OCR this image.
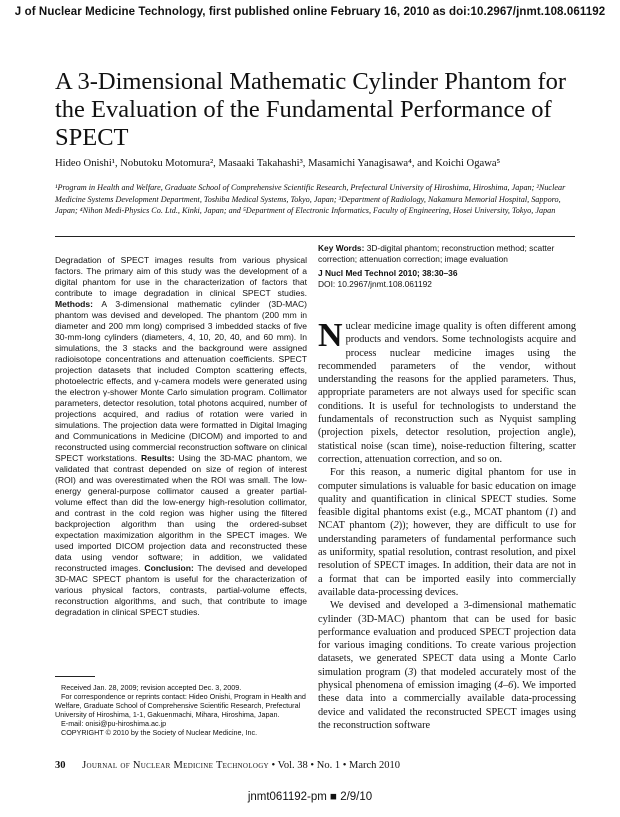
J of Nuclear Medicine Technology, first published online February 16, 2010 as doi:10.2967/jnmt.108.061192
A 3-Dimensional Mathematic Cylinder Phantom for the Evaluation of the Fundamental Performance of SPECT
Hideo Onishi¹, Nobutoku Motomura², Masaaki Takahashi³, Masamichi Yanagisawa⁴, and Koichi Ogawa⁵
¹Program in Health and Welfare, Graduate School of Comprehensive Scientific Research, Prefectural University of Hiroshima, Hiroshima, Japan; ²Nuclear Medicine Systems Development Department, Toshiba Medical Systems, Tokyo, Japan; ³Department of Radiology, Nakamura Memorial Hospital, Sapporo, Japan; ⁴Nihon Medi-Physics Co. Ltd., Kinki, Japan; and ⁵Department of Electronic Informatics, Faculty of Engineering, Hosei University, Tokyo, Japan
Degradation of SPECT images results from various physical factors. The primary aim of this study was the development of a digital phantom for use in the characterization of factors that contribute to image degradation in clinical SPECT studies. Methods: A 3-dimensional mathematic cylinder (3D-MAC) phantom was devised and developed. The phantom (200 mm in diameter and 200 mm long) comprised 3 imbedded stacks of five 30-mm-long cylinders (diameters, 4, 10, 20, 40, and 60 mm). In simulations, the 3 stacks and the background were assigned radioisotope concentrations and attenuation coefficients. SPECT projection datasets that included Compton scattering effects, photoelectric effects, and γ-camera models were generated using the electron γ-shower Monte Carlo simulation program. Collimator parameters, detector resolution, total photons acquired, number of projections acquired, and radius of rotation were varied in simulations. The projection data were formatted in Digital Imaging and Communications in Medicine (DICOM) and imported to and reconstructed using commercial reconstruction software on clinical SPECT workstations. Results: Using the 3D-MAC phantom, we validated that contrast depended on size of region of interest (ROI) and was overestimated when the ROI was small. The low-energy general-purpose collimator caused a greater partial-volume effect than did the low-energy high-resolution collimator, and contrast in the cold region was higher using the filtered backprojection algorithm than using the ordered-subset expectation maximization algorithm in the SPECT images. We used imported DICOM projection data and reconstructed these data using vendor software; in addition, we validated reconstructed images. Conclusion: The devised and developed 3D-MAC SPECT phantom is useful for the characterization of various physical factors, contrasts, partial-volume effects, reconstruction algorithms, and such, that contribute to image degradation in clinical SPECT studies.
Key Words: 3D-digital phantom; reconstruction method; scatter correction; attenuation correction; image evaluation
J Nucl Med Technol 2010; 38:30–36
DOI: 10.2967/jnmt.108.061192

Nuclear medicine image quality is often different among products and vendors. Some technologists acquire and process nuclear medicine images using the recommended parameters of the vendor, without understanding the reasons for the applied parameters. Thus, appropriate parameters are not always used for specific scan conditions. It is useful for technologists to understand the fundamentals of reconstruction such as Nyquist sampling (projection pixels, detector resolution, projection angle), statistical noise (scan time), noise-reduction filtering, scatter correction, attenuation correction, and so on.

For this reason, a numeric digital phantom for use in computer simulations is valuable for basic education on image quality and quantification in clinical SPECT studies. Some feasible digital phantoms exist (e.g., MCAT phantom (1) and NCAT phantom (2)); however, they are difficult to use for understanding parameters of fundamental performance such as uniformity, spatial resolution, contrast resolution, and pixel resolution of SPECT images. In addition, their data are not in a format that can be imported easily into commercially available data-processing devices.

We devised and developed a 3-dimensional mathematic cylinder (3D-MAC) phantom that can be used for basic performance evaluation and produced SPECT projection data for various imaging conditions. To create various projection datasets, we generated SPECT data using a Monte Carlo simulation program (3) that modeled accurately most of the physical phenomena of emission imaging (4–6). We imported these data into a commercially available data-processing device and validated the reconstructed SPECT images using the reconstruction software

Received Jan. 28, 2009; revision accepted Dec. 3, 2009.
For correspondence or reprints contact: Hideo Onishi, Program in Health and Welfare, Graduate School of Comprehensive Scientific Research, Prefectural University of Hiroshima, 1-1, Gakuenmachi, Mihara, Hiroshima, Japan.
E-mail: onisi@pu-hiroshima.ac.jp
COPYRIGHT © 2010 by the Society of Nuclear Medicine, Inc.
30 Journal of Nuclear Medicine Technology • Vol. 38 • No. 1 • March 2010
jnmt061192-pm ■ 2/9/10
